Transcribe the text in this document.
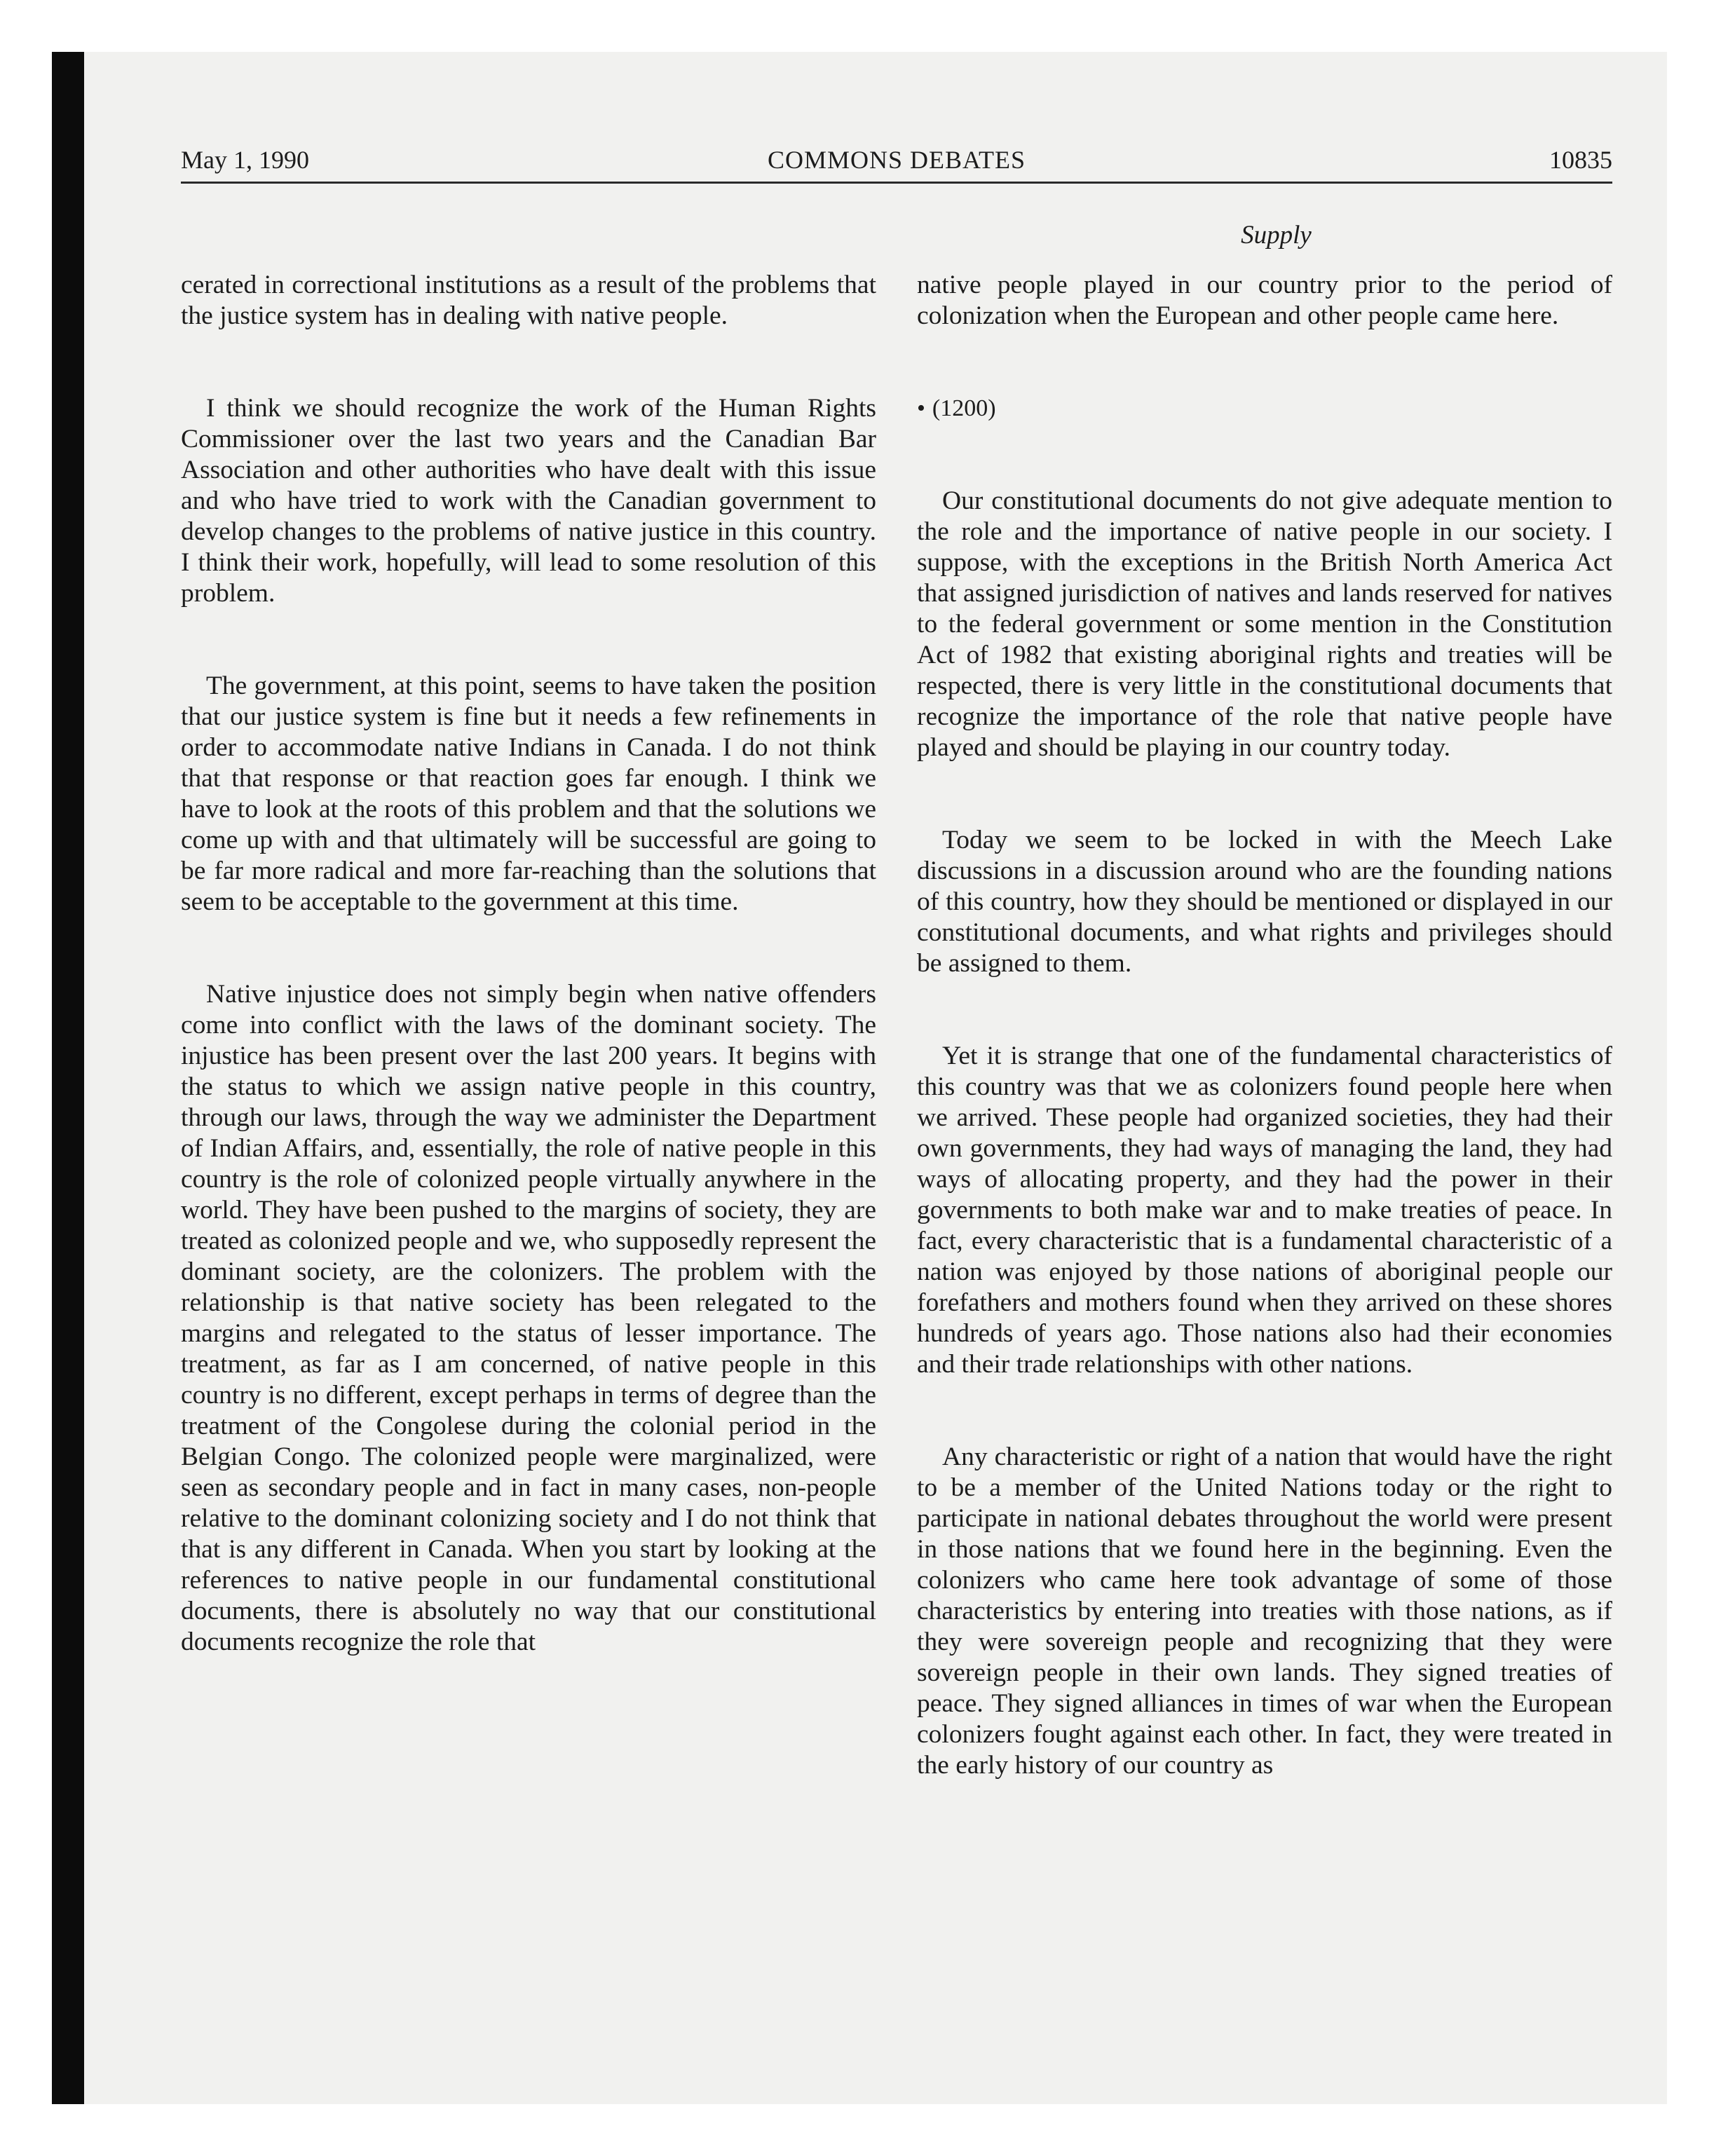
May 1, 1990	COMMONS DEBATES	10835
Supply

cerated in correctional institutions as a result of the problems that the justice system has in dealing with native people.

I think we should recognize the work of the Human Rights Commissioner over the last two years and the Canadian Bar Association and other authorities who have dealt with this issue and who have tried to work with the Canadian government to develop changes to the problems of native justice in this country. I think their work, hopefully, will lead to some resolution of this problem.

The government, at this point, seems to have taken the position that our justice system is fine but it needs a few refinements in order to accommodate native Indians in Canada. I do not think that that response or that reaction goes far enough. I think we have to look at the roots of this problem and that the solutions we come up with and that ultimately will be successful are going to be far more radical and more far-reaching than the solutions that seem to be acceptable to the government at this time.

Native injustice does not simply begin when native offenders come into conflict with the laws of the dominant society. The injustice has been present over the last 200 years. It begins with the status to which we assign native people in this country, through our laws, through the way we administer the Department of Indian Affairs, and, essentially, the role of native people in this country is the role of colonized people virtually anywhere in the world. They have been pushed to the margins of society, they are treated as colonized people and we, who supposedly represent the dominant society, are the colonizers. The problem with the relationship is that native society has been relegated to the margins and relegated to the status of lesser importance. The treatment, as far as I am concerned, of native people in this country is no different, except perhaps in terms of degree than the treatment of the Congolese during the colonial period in the Belgian Congo. The colonized people were marginalized, were seen as secondary people and in fact in many cases, non-people relative to the dominant colonizing society and I do not think that that is any different in Canada. When you start by looking at the references to native people in our fundamental constitutional documents, there is absolutely no way that our constitutional documents recognize the role that

native people played in our country prior to the period of colonization when the European and other people came here.

• (1200)

Our constitutional documents do not give adequate mention to the role and the importance of native people in our society. I suppose, with the exceptions in the British North America Act that assigned jurisdiction of natives and lands reserved for natives to the federal government or some mention in the Constitution Act of 1982 that existing aboriginal rights and treaties will be respected, there is very little in the constitutional documents that recognize the importance of the role that native people have played and should be playing in our country today.

Today we seem to be locked in with the Meech Lake discussions in a discussion around who are the founding nations of this country, how they should be mentioned or displayed in our constitutional documents, and what rights and privileges should be assigned to them.

Yet it is strange that one of the fundamental characteristics of this country was that we as colonizers found people here when we arrived. These people had organized societies, they had their own governments, they had ways of managing the land, they had ways of allocating property, and they had the power in their governments to both make war and to make treaties of peace. In fact, every characteristic that is a fundamental characteristic of a nation was enjoyed by those nations of aboriginal people our forefathers and mothers found when they arrived on these shores hundreds of years ago. Those nations also had their economies and their trade relationships with other nations.

Any characteristic or right of a nation that would have the right to be a member of the United Nations today or the right to participate in national debates throughout the world were present in those nations that we found here in the beginning. Even the colonizers who came here took advantage of some of those characteristics by entering into treaties with those nations, as if they were sovereign people and recognizing that they were sovereign people in their own lands. They signed treaties of peace. They signed alliances in times of war when the European colonizers fought against each other. In fact, they were treated in the early history of our country as
